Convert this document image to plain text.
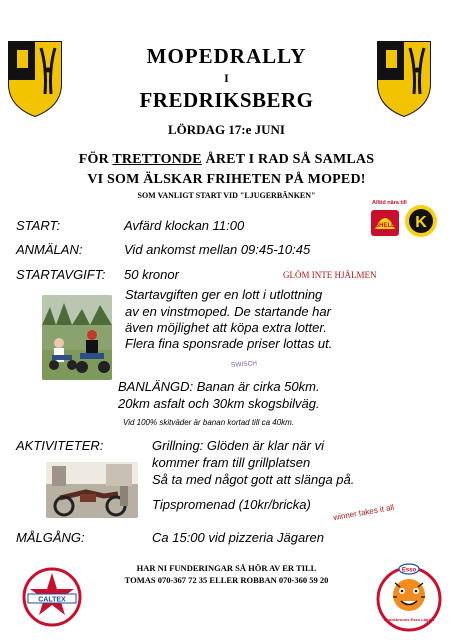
MOPEDRALLY
I
FREDRIKSBERG
LÖRDAG 17:e JUNI
FÖR TRETTONDE ÅRET I RAD SÅ SAMLAS
VI SOM ÄLSKAR FRIHETEN PÅ MOPED!
SOM VANLIGT START VID "LJUGERBÄNKEN"
Alltid nära till
SHELL K
START:	Avfärd klockan 11:00
ANMÄLAN:	Vid ankomst mellan 09:45-10:45
STARTAVGIFT: 50 kronor	GLÖM INTE HJÄLMEN
Startavgiften ger en lott i utlottning
av en vinstmoped. De startande har
även möjlighet att köpa extra lotter.
Flera fina sponsrade priser lottas ut.
SWISCH
BANLÄNGD: Banan är cirka 50km.
20km asfalt och 30km skogsbilväg.
Vid 100% skitväder är banan kortad till ca 40km.
AKTIVITETER:	Grillning: Glöden är klar när vi
kommer fram till grillplatsen
Så ta med något gott att slänga på.
Tipspromenad (10kr/bricka)	winner takes it all
MÅLGÅNG:	Ca 15:00 vid pizzeria Jägaren
HAR NI FUNDERINGAR SÅ HÖR AV ER TILL
TOMAS 070-367 72 35 ELLER ROBBAN 070-360 59 20
CALTEX
Esso
Lundsbrunns Esso Lägsta
